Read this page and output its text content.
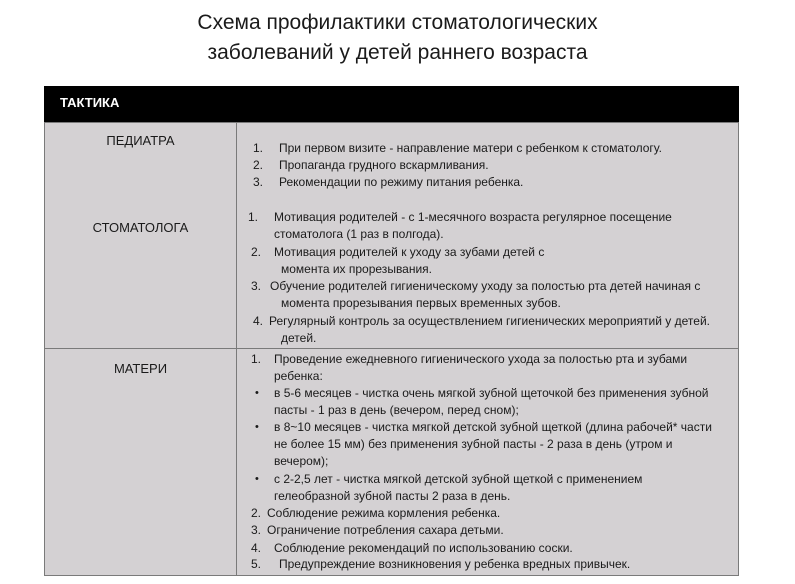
Схема профилактики стоматологических
заболеваний у детей раннего возраста
ТАКТИКА
ПЕДИАТРА	1. При первом визите - направление матери с ребенком к стоматологу.
2. Пропаганда грудного вскармливания.
3. Рекомендации по режиму питания ребенка.
СТОМАТОЛОГА
1. Мотивация родителей - с 1-месячного возраста регулярное посещение
стоматолога (1 раз в полгода).
2. Мотивация родителей к уходу за зубами детей с
момента их прорезывания.
3. Обучение родителей гигиеническому уходу за полостью рта детей начиная с
момента прорезывания первых временных зубов.
4. Регулярный контроль за осуществлением гигиенических мероприятий у детей.
детей.
МАТЕРИ
1. Проведение ежедневного гигиенического ухода за полостью рта и зубами
ребенка:
• в 5-6 месяцев - чистка очень мягкой зубной щеточкой без применения зубной
пасты - 1 раз в день (вечером, перед сном);
• в 8~10 месяцев - чистка мягкой детской зубной щеткой (длина рабочей* части
не более 15 мм) без применения зубной пасты - 2 раза в день (утром и
вечером);
• с 2-2,5 лет - чистка мягкой детской зубной щеткой с применением
гелеобразной зубной пасты 2 раза в день.
2. Соблюдение режима кормления ребенка.
3. Ограничение потребления сахара детьми.
4. Соблюдение рекомендаций по использованию соски.
5. Предупреждение возникновения у ребенка вредных привычек.
